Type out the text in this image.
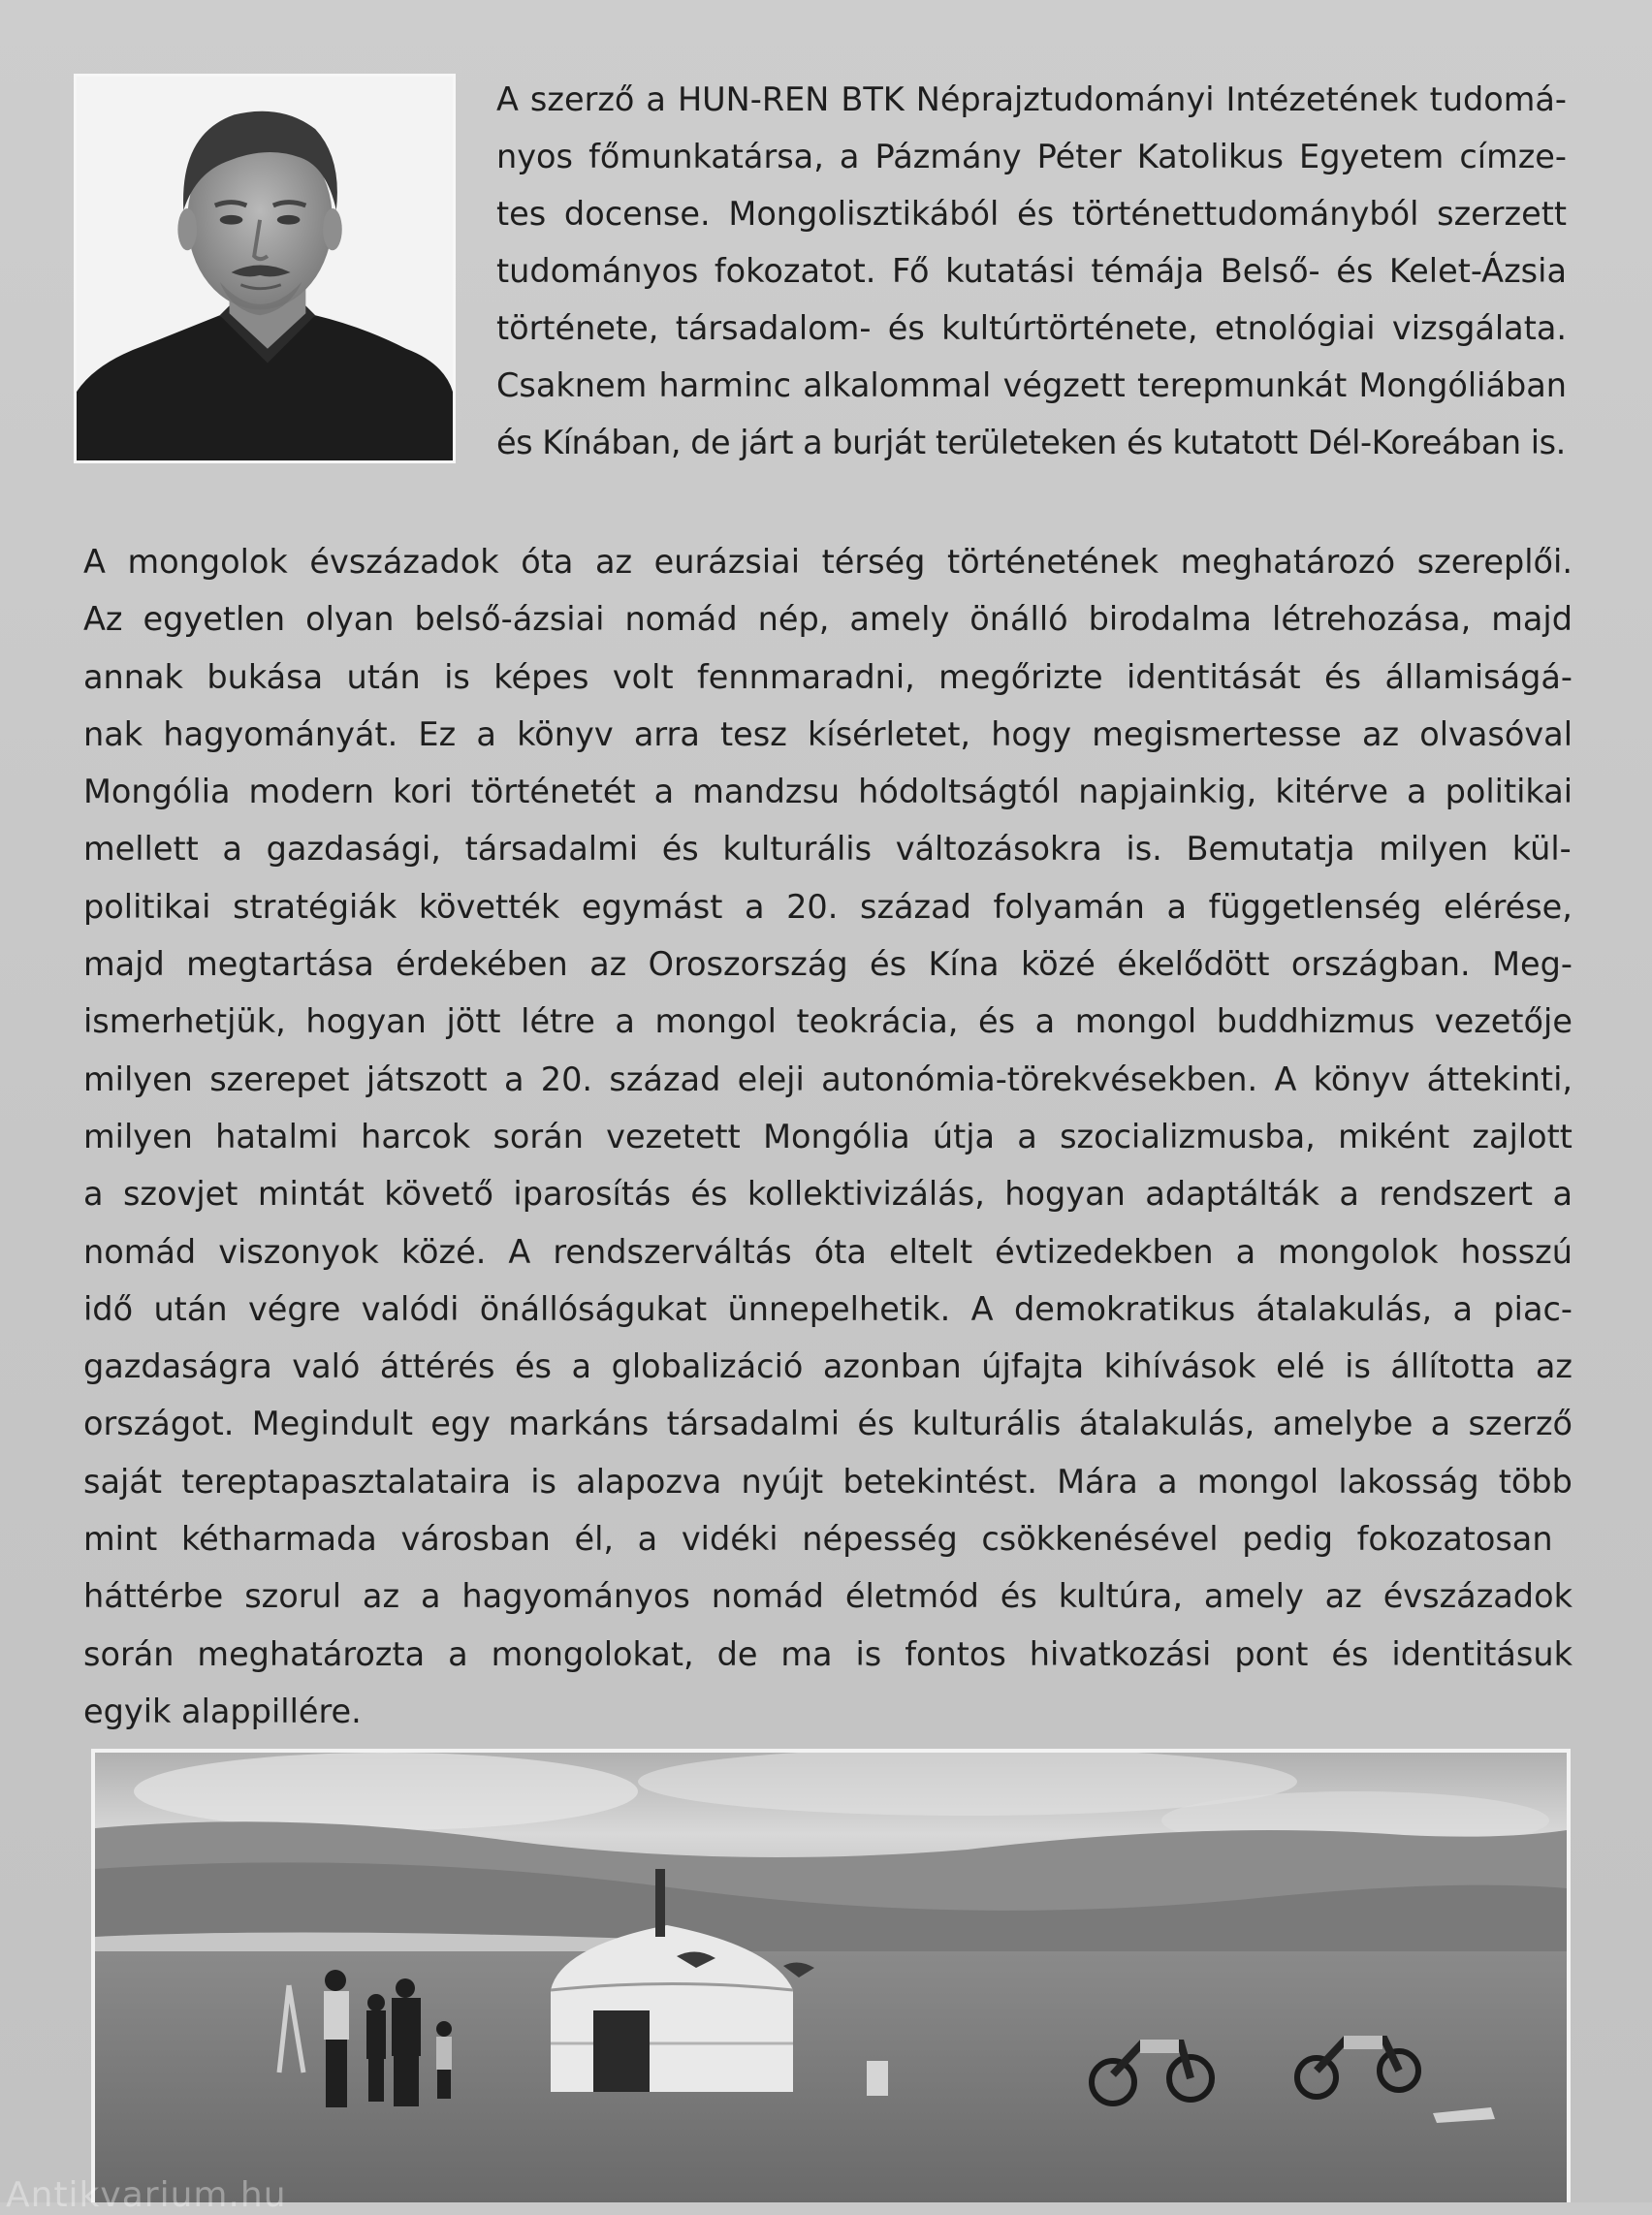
A szerző a HUN-REN BTK Néprajztudományi Intézetének tudomá-
nyos főmunkatársa, a Pázmány Péter Katolikus Egyetem címze-
tes docense. Mongolisztikából és történettudományból szerzett
tudományos fokozatot. Fő kutatási témája Belső- és Kelet-Ázsia
története, társadalom- és kultúrtörténete, etnológiai vizsgálata.
Csaknem harminc alkalommal végzett terepmunkát Mongóliában
és Kínában, de járt a burját területeken és kutatott Dél-Koreában is.

A mongolok évszázadok óta az eurázsiai térség történetének meghatározó szereplői.
Az egyetlen olyan belső-ázsiai nomád nép, amely önálló birodalma létrehozása, majd
annak bukása után is képes volt fennmaradni, megőrizte identitását és államiságá-
nak hagyományát. Ez a könyv arra tesz kísérletet, hogy megismertesse az olvasóval
Mongólia modern kori történetét a mandzsu hódoltságtól napjainkig, kitérve a politikai
mellett a gazdasági, társadalmi és kulturális változásokra is. Bemutatja milyen kül-
politikai stratégiák követték egymást a 20. század folyamán a függetlenség elérése,
majd megtartása érdekében az Oroszország és Kína közé ékelődött országban. Meg-
ismerhetjük, hogyan jött létre a mongol teokrácia, és a mongol buddhizmus vezetője
milyen szerepet játszott a 20. század eleji autonómia-törekvésekben. A könyv áttekinti,
milyen hatalmi harcok során vezetett Mongólia útja a szocializmusba, miként zajlott
a szovjet mintát követő iparosítás és kollektivizálás, hogyan adaptálták a rendszert a
nomád viszonyok közé. A rendszerváltás óta eltelt évtizedekben a mongolok hosszú
idő után végre valódi önállóságukat ünnepelhetik. A demokratikus átalakulás, a piac-
gazdaságra való áttérés és a globalizáció azonban újfajta kihívások elé is állította az
országot. Megindult egy markáns társadalmi és kulturális átalakulás, amelybe a szerző
saját tereptapasztalataira is alapozva nyújt betekintést. Mára a mongol lakosság több
mint kétharmada városban él, a vidéki népesség csökkenésével pedig fokozatosan
háttérbe szorul az a hagyományos nomád életmód és kultúra, amely az évszázadok
során meghatározta a mongolokat, de ma is fontos hivatkozási pont és identitásuk
egyik alappillére.

Antikvarium.hu
